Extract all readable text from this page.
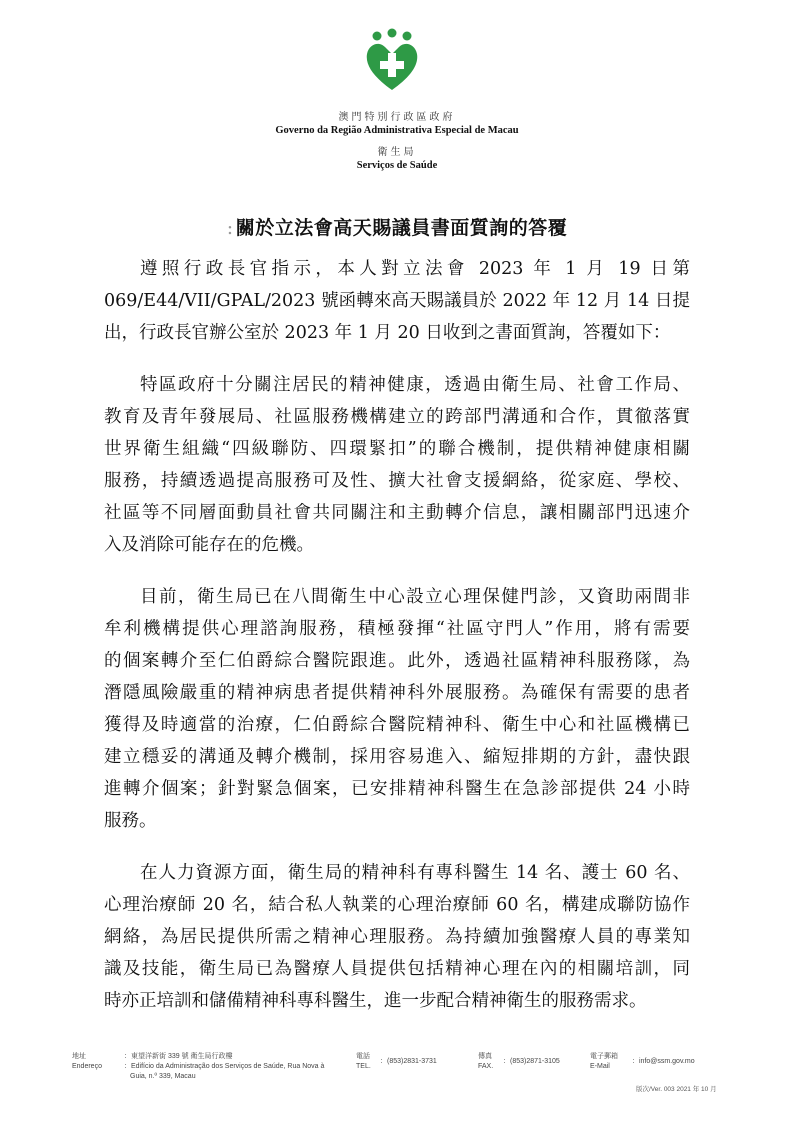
澳門特別行政區政府
Governo da Região Administrativa Especial de Macau
衛生局
Serviços de Saúde
: 關於立法會高天賜議員書面質詢的答覆
遵照行政長官指示，本人對立法會 2023 年 1 月 19 日第
069/E44/VII/GPAL/2023 號函轉來高天賜議員於 2022 年 12 月 14 日提
出，行政長官辦公室於 2023 年 1 月 20 日收到之書面質詢，答覆如下：
特區政府十分關注居民的精神健康，透過由衛生局、社會工作局、
教育及青年發展局、社區服務機構建立的跨部門溝通和合作，貫徹落實
世界衛生組織“四級聯防、四環緊扣”的聯合機制，提供精神健康相關
服務，持續透過提高服務可及性、擴大社會支援網絡，從家庭、學校、
社區等不同層面動員社會共同關注和主動轉介信息，讓相關部門迅速介
入及消除可能存在的危機。
目前，衛生局已在八間衛生中心設立心理保健門診，又資助兩間非
牟利機構提供心理諮詢服務，積極發揮“社區守門人”作用，將有需要
的個案轉介至仁伯爵綜合醫院跟進。此外，透過社區精神科服務隊，為
潛隱風險嚴重的精神病患者提供精神科外展服務。為確保有需要的患者
獲得及時適當的治療，仁伯爵綜合醫院精神科、衛生中心和社區機構已
建立穩妥的溝通及轉介機制，採用容易進入、縮短排期的方針，盡快跟
進轉介個案；針對緊急個案，已安排精神科醫生在急診部提供 24 小時
服務。
在人力資源方面，衛生局的精神科有專科醫生 14 名、護士 60 名、
心理治療師 20 名，結合私人執業的心理治療師 60 名，構建成聯防協作
網絡，為居民提供所需之精神心理服務。為持續加強醫療人員的專業知
識及技能，衛生局已為醫療人員提供包括精神心理在內的相關培訓，同
時亦正培訓和儲備精神科專科醫生，進一步配合精神衛生的服務需求。
地址
Endereço
：東望洋新街 339 號 衛生局行政樓
：Edifício da Administração dos Serviços de Saúde, Rua Nova à
Guia, n.º 339, Macau
電話
TEL.
：(853)2831-3731
傳真
FAX.
：(853)2871-3105
電子郵箱
E-Mail
：info@ssm.gov.mo
版次/Ver. 003 2021 年 10 月
